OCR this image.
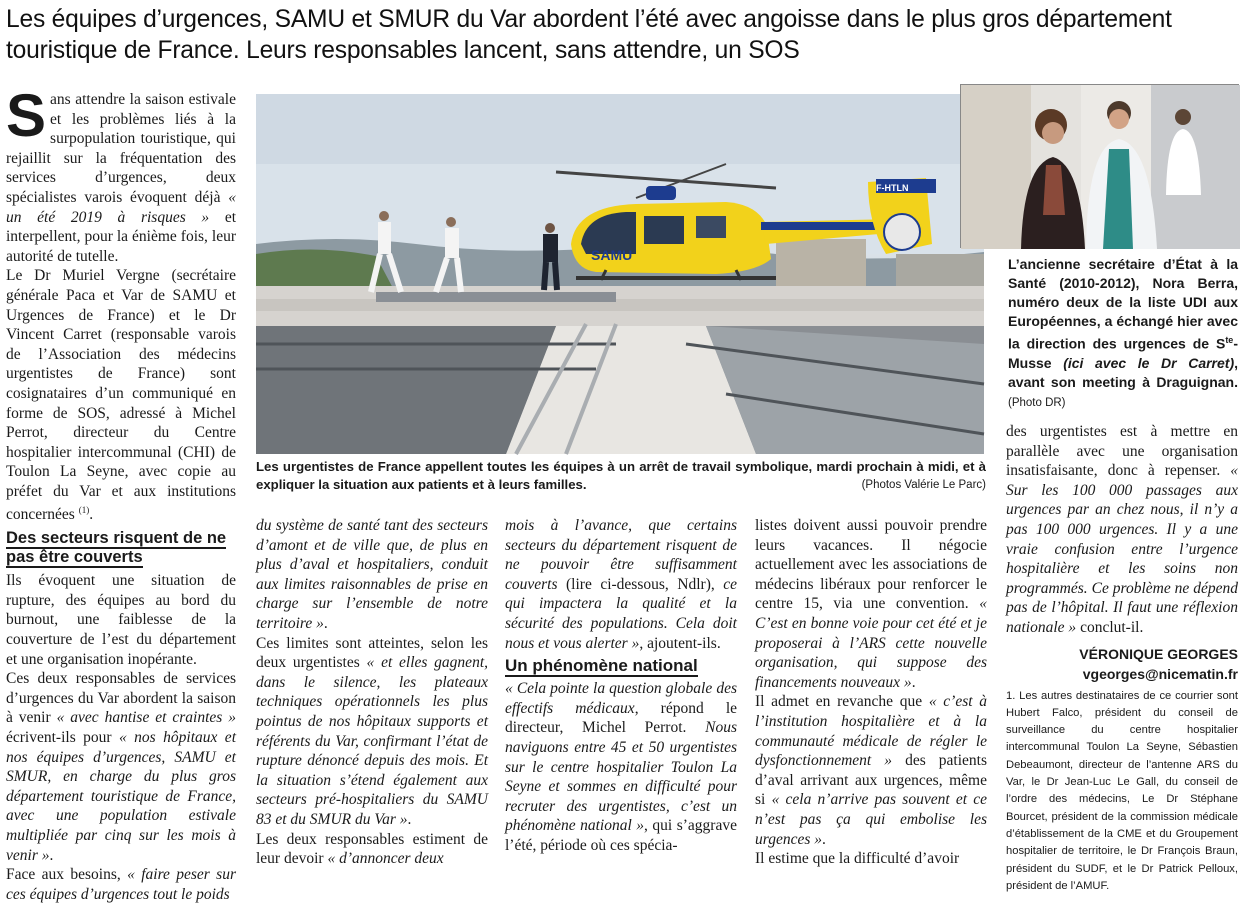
Les équipes d’urgences, SAMU et SMUR du Var abordent l’été avec angoisse dans le plus gros département touristique de France. Leurs responsables lancent, sans attendre, un SOS

Sans attendre la saison estivale et les problèmes liés à la surpopulation touristique, qui rejaillit sur la fréquentation des services d’urgences, deux spécialistes varois évoquent déjà « un été 2019 à risques » et interpellent, pour la énième fois, leur autorité de tutelle.

Le Dr Muriel Vergne (secrétaire générale Paca et Var de SAMU et Urgences de France) et le Dr Vincent Carret (responsable varois de l’Association des médecins urgentistes de France) sont cosignataires d’un communiqué en forme de SOS, adressé à Michel Perrot, directeur du Centre hospitalier intercommunal (CHI) de Toulon La Seyne, avec copie au préfet du Var et aux institutions concernées $^{(1)}$.

Des secteurs risquent de ne pas être couverts

Ils évoquent une situation de rupture, des équipes au bord du burnout, une faiblesse de la couverture de l’est du département et une organisation inopérante.

Ces deux responsables de services d’urgences du Var abordent la saison à venir « avec hantise et craintes » écrivent-ils pour « nos hôpitaux et nos équipes d’urgences, SAMU et SMUR, en charge du plus gros département touristique de France, avec une population estivale multipliée par cinq sur les mois à venir ».

Face aux besoins, « faire peser sur ces équipes d’urgences tout le poids

SAMU
F-HTLN

Les urgentistes de France appellent toutes les équipes à un arrêt de travail symbolique, mardi prochain à midi, et à expliquer la situation aux patients et à leurs familles.	(Photos Valérie Le Parc)

L’ancienne secrétaire d’État à la Santé (2010-2012), Nora Berra, numéro deux de la liste UDI aux Européennes, a échangé hier avec la direction des urgences de $S^{te}$-Musse (ici avec le Dr Carret), avant son meeting à Draguignan. (Photo DR)

du système de santé tant des secteurs d’amont et de ville que, de plus en plus d’aval et hospitaliers, conduit aux limites raisonnables de prise en charge sur l’ensemble de notre territoire ».

Ces limites sont atteintes, selon les deux urgentistes « et elles gagnent, dans le silence, les plateaux techniques opérationnels les plus pointus de nos hôpitaux supports et référents du Var, confirmant l’état de rupture dénoncé depuis des mois. Et la situation s’étend également aux secteurs pré-hospitaliers du SAMU 83 et du SMUR du Var ».

Les deux responsables estiment de leur devoir « d’annoncer deux

mois à l’avance, que certains secteurs du département risquent de ne pouvoir être suffisamment couverts (lire ci-dessous, Ndlr), ce qui impactera la qualité et la sécurité des populations. Cela doit nous et vous alerter », ajoutent-ils.

Un phénomène national

« Cela pointe la question globale des effectifs médicaux, répond le directeur, Michel Perrot. Nous naviguons entre 45 et 50 urgentistes sur le centre hospitalier Toulon La Seyne et sommes en difficulté pour recruter des urgentistes, c’est un phénomène national », qui s’aggrave l’été, période où ces spécia-

listes doivent aussi pouvoir prendre leurs vacances. Il négocie actuellement avec les associations de médecins libéraux pour renforcer le centre 15, via une convention. « C’est en bonne voie pour cet été et je proposerai à l’ARS cette nouvelle organisation, qui suppose des financements nouveaux ».

Il admet en revanche que « c’est à l’institution hospitalière et à la communauté médicale de régler le dysfonctionnement » des patients d’aval arrivant aux urgences, même si « cela n’arrive pas souvent et ce n’est pas ça qui embolise les urgences ».

Il estime que la difficulté d’avoir

des urgentistes est à mettre en parallèle avec une organisation insatisfaisante, donc à repenser. « Sur les 100 000 passages aux urgences par an chez nous, il n’y a pas 100 000 urgences. Il y a une vraie confusion entre l’urgence hospitalière et les soins non programmés. Ce problème ne dépend pas de l’hôpital. Il faut une réflexion nationale » conclut-il.

VÉRONIQUE GEORGES

vgeorges@nicematin.fr

1. Les autres destinataires de ce courrier sont Hubert Falco, président du conseil de surveillance du centre hospitalier intercommunal Toulon La Seyne, Sébastien Debeaumont, directeur de l’antenne ARS du Var, le Dr Jean-Luc Le Gall, du conseil de l’ordre des médecins, Le Dr Stéphane Bourcet, président de la commission médicale d’établissement de la CME et du Groupement hospitalier de territoire, le Dr François Braun, président du SUDF, et le Dr Patrick Pelloux, président de l’AMUF.
